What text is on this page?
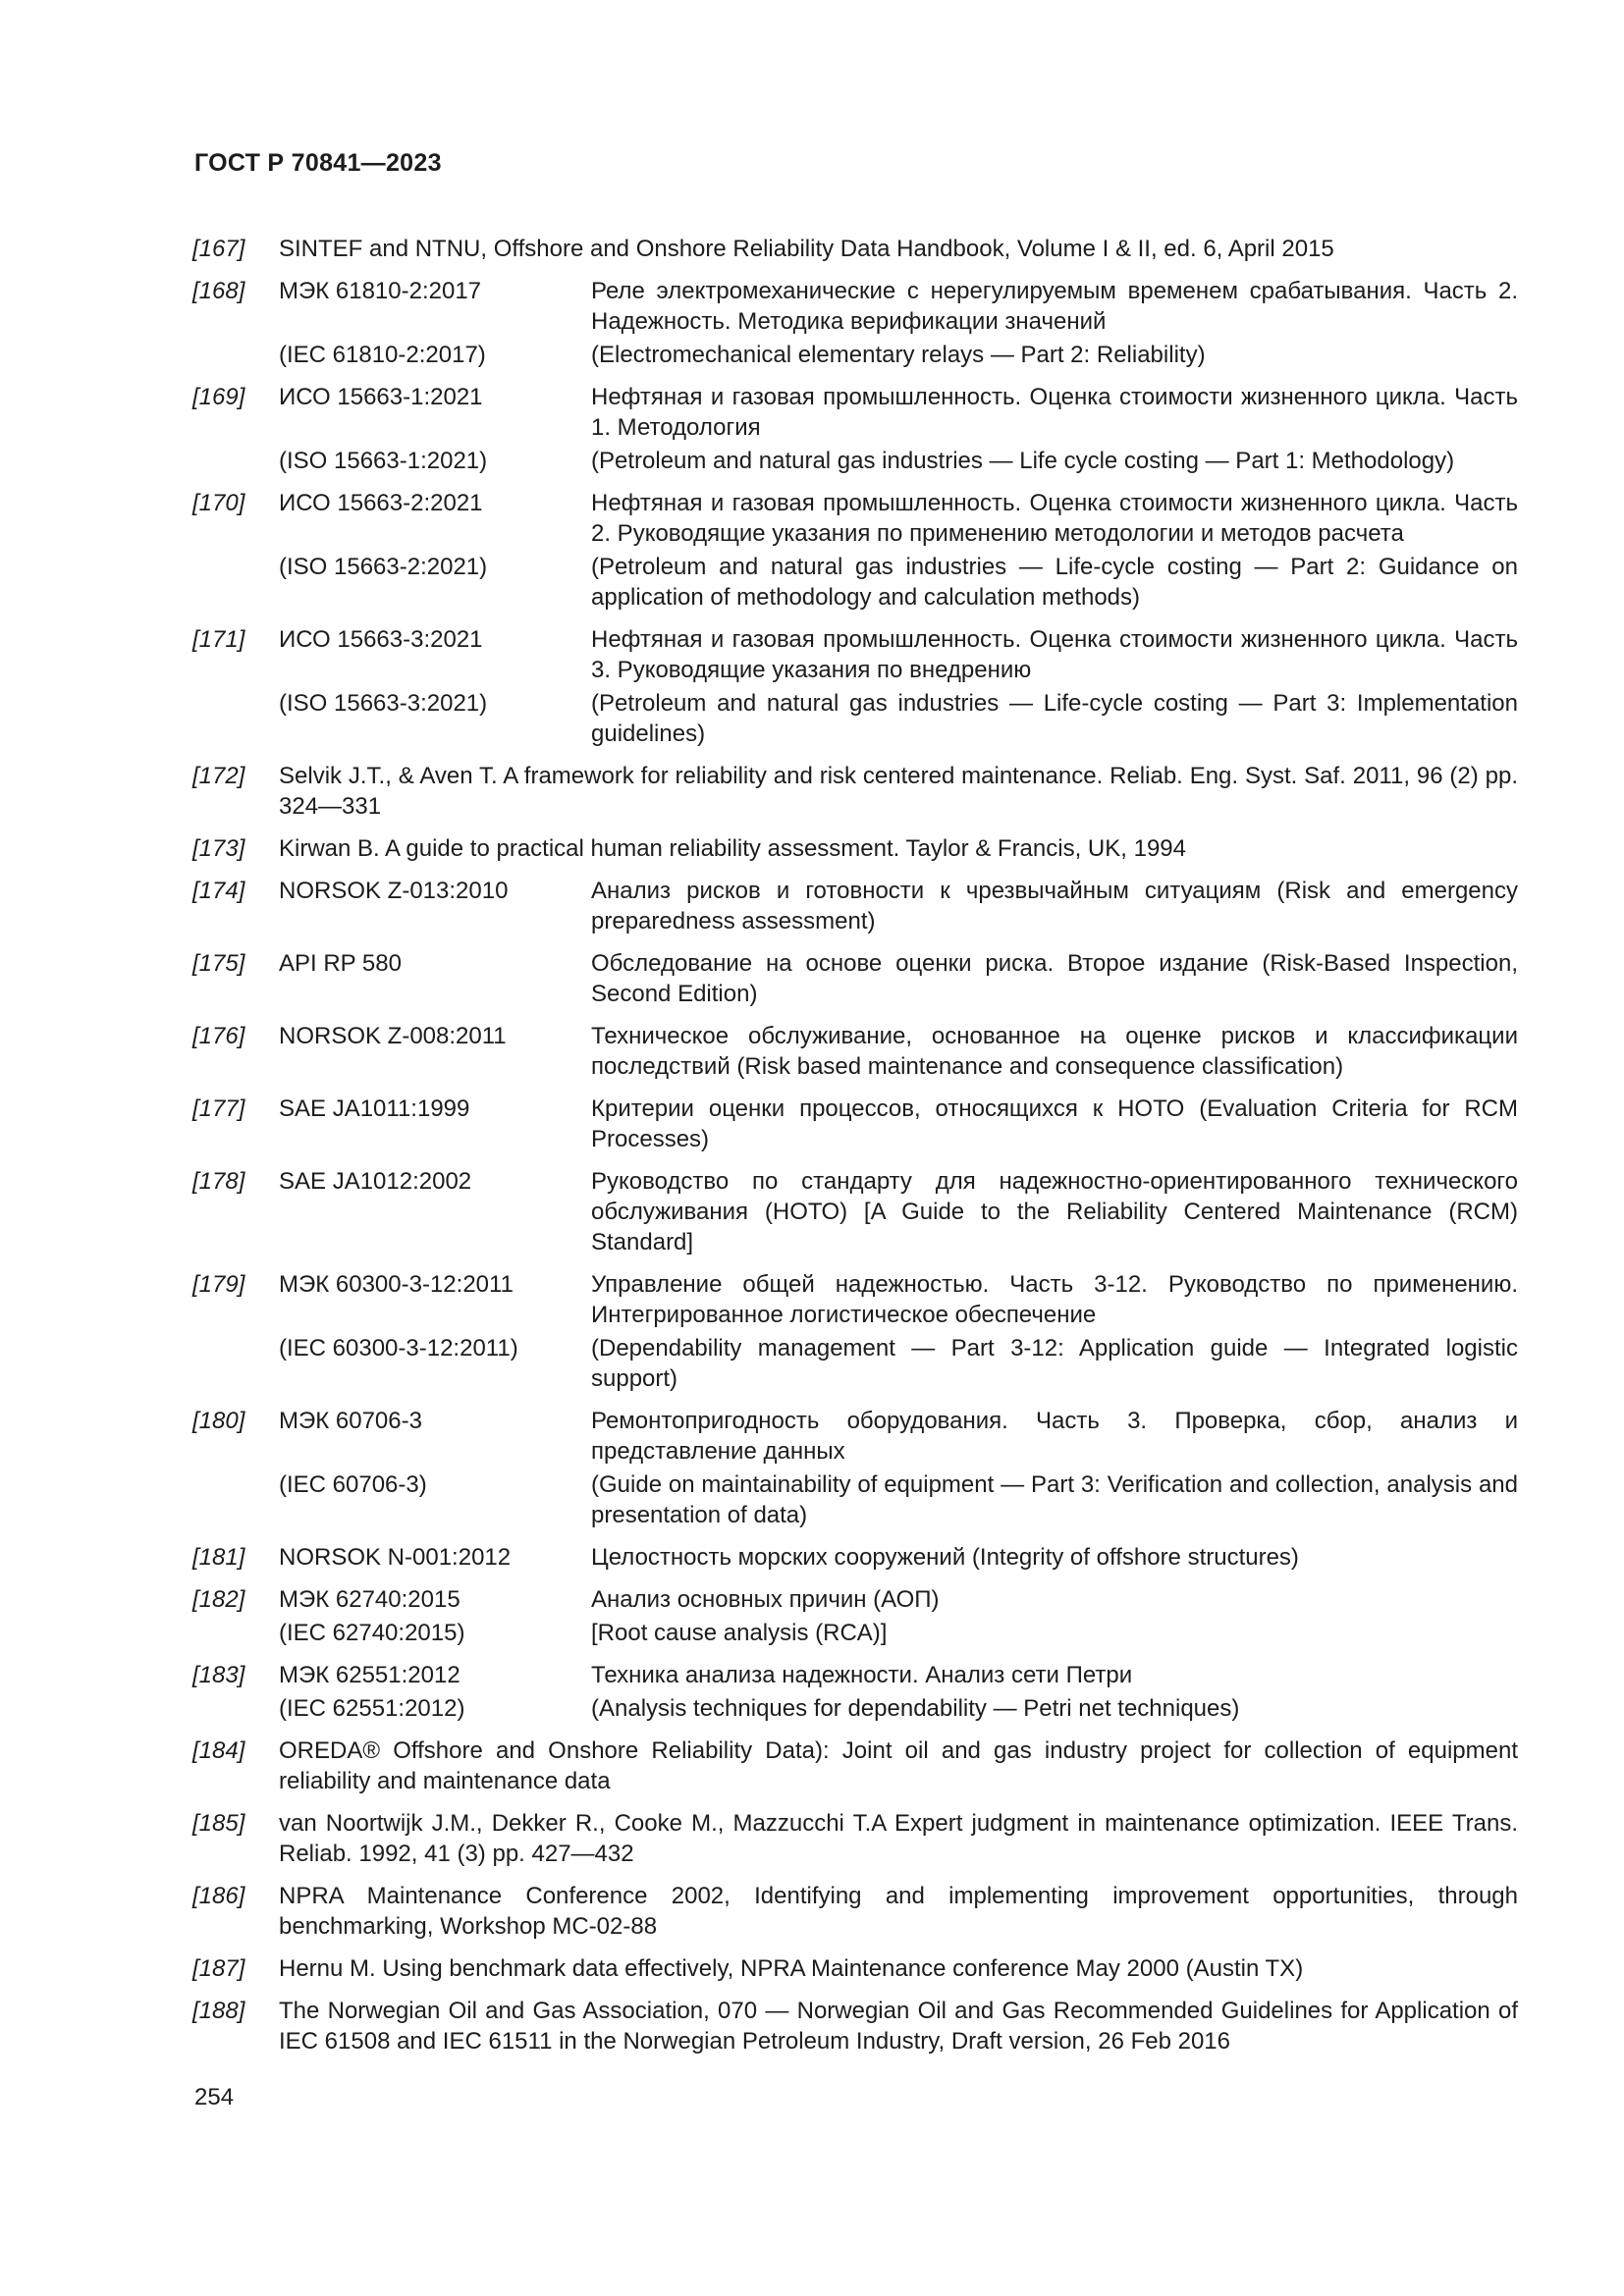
ГОСТ Р 70841—2023
[167]	SINTEF and NTNU, Offshore and Onshore Reliability Data Handbook, Volume I & II, ed. 6, April 2015
[168]	МЭК 61810-2:2017	Реле электромеханические с нерегулируемым временем срабатывания. Часть 2. Надежность. Методика верификации значений
(IEC 61810-2:2017)	(Electromechanical elementary relays — Part 2: Reliability)
[169]	ИСО 15663-1:2021	Нефтяная и газовая промышленность. Оценка стоимости жизненного цикла. Часть 1. Методология
(ISO 15663-1:2021)	(Petroleum and natural gas industries — Life cycle costing — Part 1: Methodology)
[170]	ИСО 15663-2:2021	Нефтяная и газовая промышленность. Оценка стоимости жизненного цикла. Часть 2. Руководящие указания по применению методологии и методов расчета
(ISO 15663-2:2021)	(Petroleum and natural gas industries — Life-cycle costing — Part 2: Guidance on application of methodology and calculation methods)
[171]	ИСО 15663-3:2021	Нефтяная и газовая промышленность. Оценка стоимости жизненного цикла. Часть 3. Руководящие указания по внедрению
(ISO 15663-3:2021)	(Petroleum and natural gas industries — Life-cycle costing — Part 3: Implementation guidelines)
[172]	Selvik J.T., & Aven T. A framework for reliability and risk centered maintenance. Reliab. Eng. Syst. Saf. 2011, 96 (2) pp. 324—331
[173]	Kirwan B. A guide to practical human reliability assessment. Taylor & Francis, UK, 1994
[174]	NORSOK Z-013:2010	Анализ рисков и готовности к чрезвычайным ситуациям (Risk and emergency preparedness assessment)
[175]	API RP 580	Обследование на основе оценки риска. Второе издание (Risk-Based Inspection, Second Edition)
[176]	NORSOK Z-008:2011	Техническое обслуживание, основанное на оценке рисков и классификации последствий (Risk based maintenance and consequence classification)
[177]	SAE JA1011:1999	Критерии оценки процессов, относящихся к НОТО (Evaluation Criteria for RCM Processes)
[178]	SAE JA1012:2002	Руководство по стандарту для надежностно-ориентированного технического обслуживания (НОТО) [A Guide to the Reliability Centered Maintenance (RCM) Standard]
[179]	МЭК 60300-3-12:2011	Управление общей надежностью. Часть 3-12. Руководство по применению. Интегрированное логистическое обеспечение
(IEC 60300-3-12:2011)	(Dependability management — Part 3-12: Application guide — Integrated logistic support)
[180]	МЭК 60706-3	Ремонтопригодность оборудования. Часть 3. Проверка, сбор, анализ и представление данных
(IEC 60706-3)	(Guide on maintainability of equipment — Part 3: Verification and collection, analysis and presentation of data)
[181]	NORSOK N-001:2012	Целостность морских сооружений (Integrity of offshore structures)
[182]	МЭК 62740:2015	Анализ основных причин (АОП)
(IEC 62740:2015)	[Root cause analysis (RCA)]
[183]	МЭК 62551:2012	Техника анализа надежности. Анализ сети Петри
(IEC 62551:2012)	(Analysis techniques for dependability — Petri net techniques)
[184]	OREDA® Offshore and Onshore Reliability Data): Joint oil and gas industry project for collection of equipment reliability and maintenance data
[185]	van Noortwijk J.M., Dekker R., Cooke M., Mazzucchi T.A Expert judgment in maintenance optimization. IEEE Trans. Reliab. 1992, 41 (3) pp. 427—432
[186]	NPRA Maintenance Conference 2002, Identifying and implementing improvement opportunities, through benchmarking, Workshop MC-02-88
[187]	Hernu M. Using benchmark data effectively, NPRA Maintenance conference May 2000 (Austin TX)
[188]	The Norwegian Oil and Gas Association, 070 — Norwegian Oil and Gas Recommended Guidelines for Application of IEC 61508 and IEC 61511 in the Norwegian Petroleum Industry, Draft version, 26 Feb 2016
254
